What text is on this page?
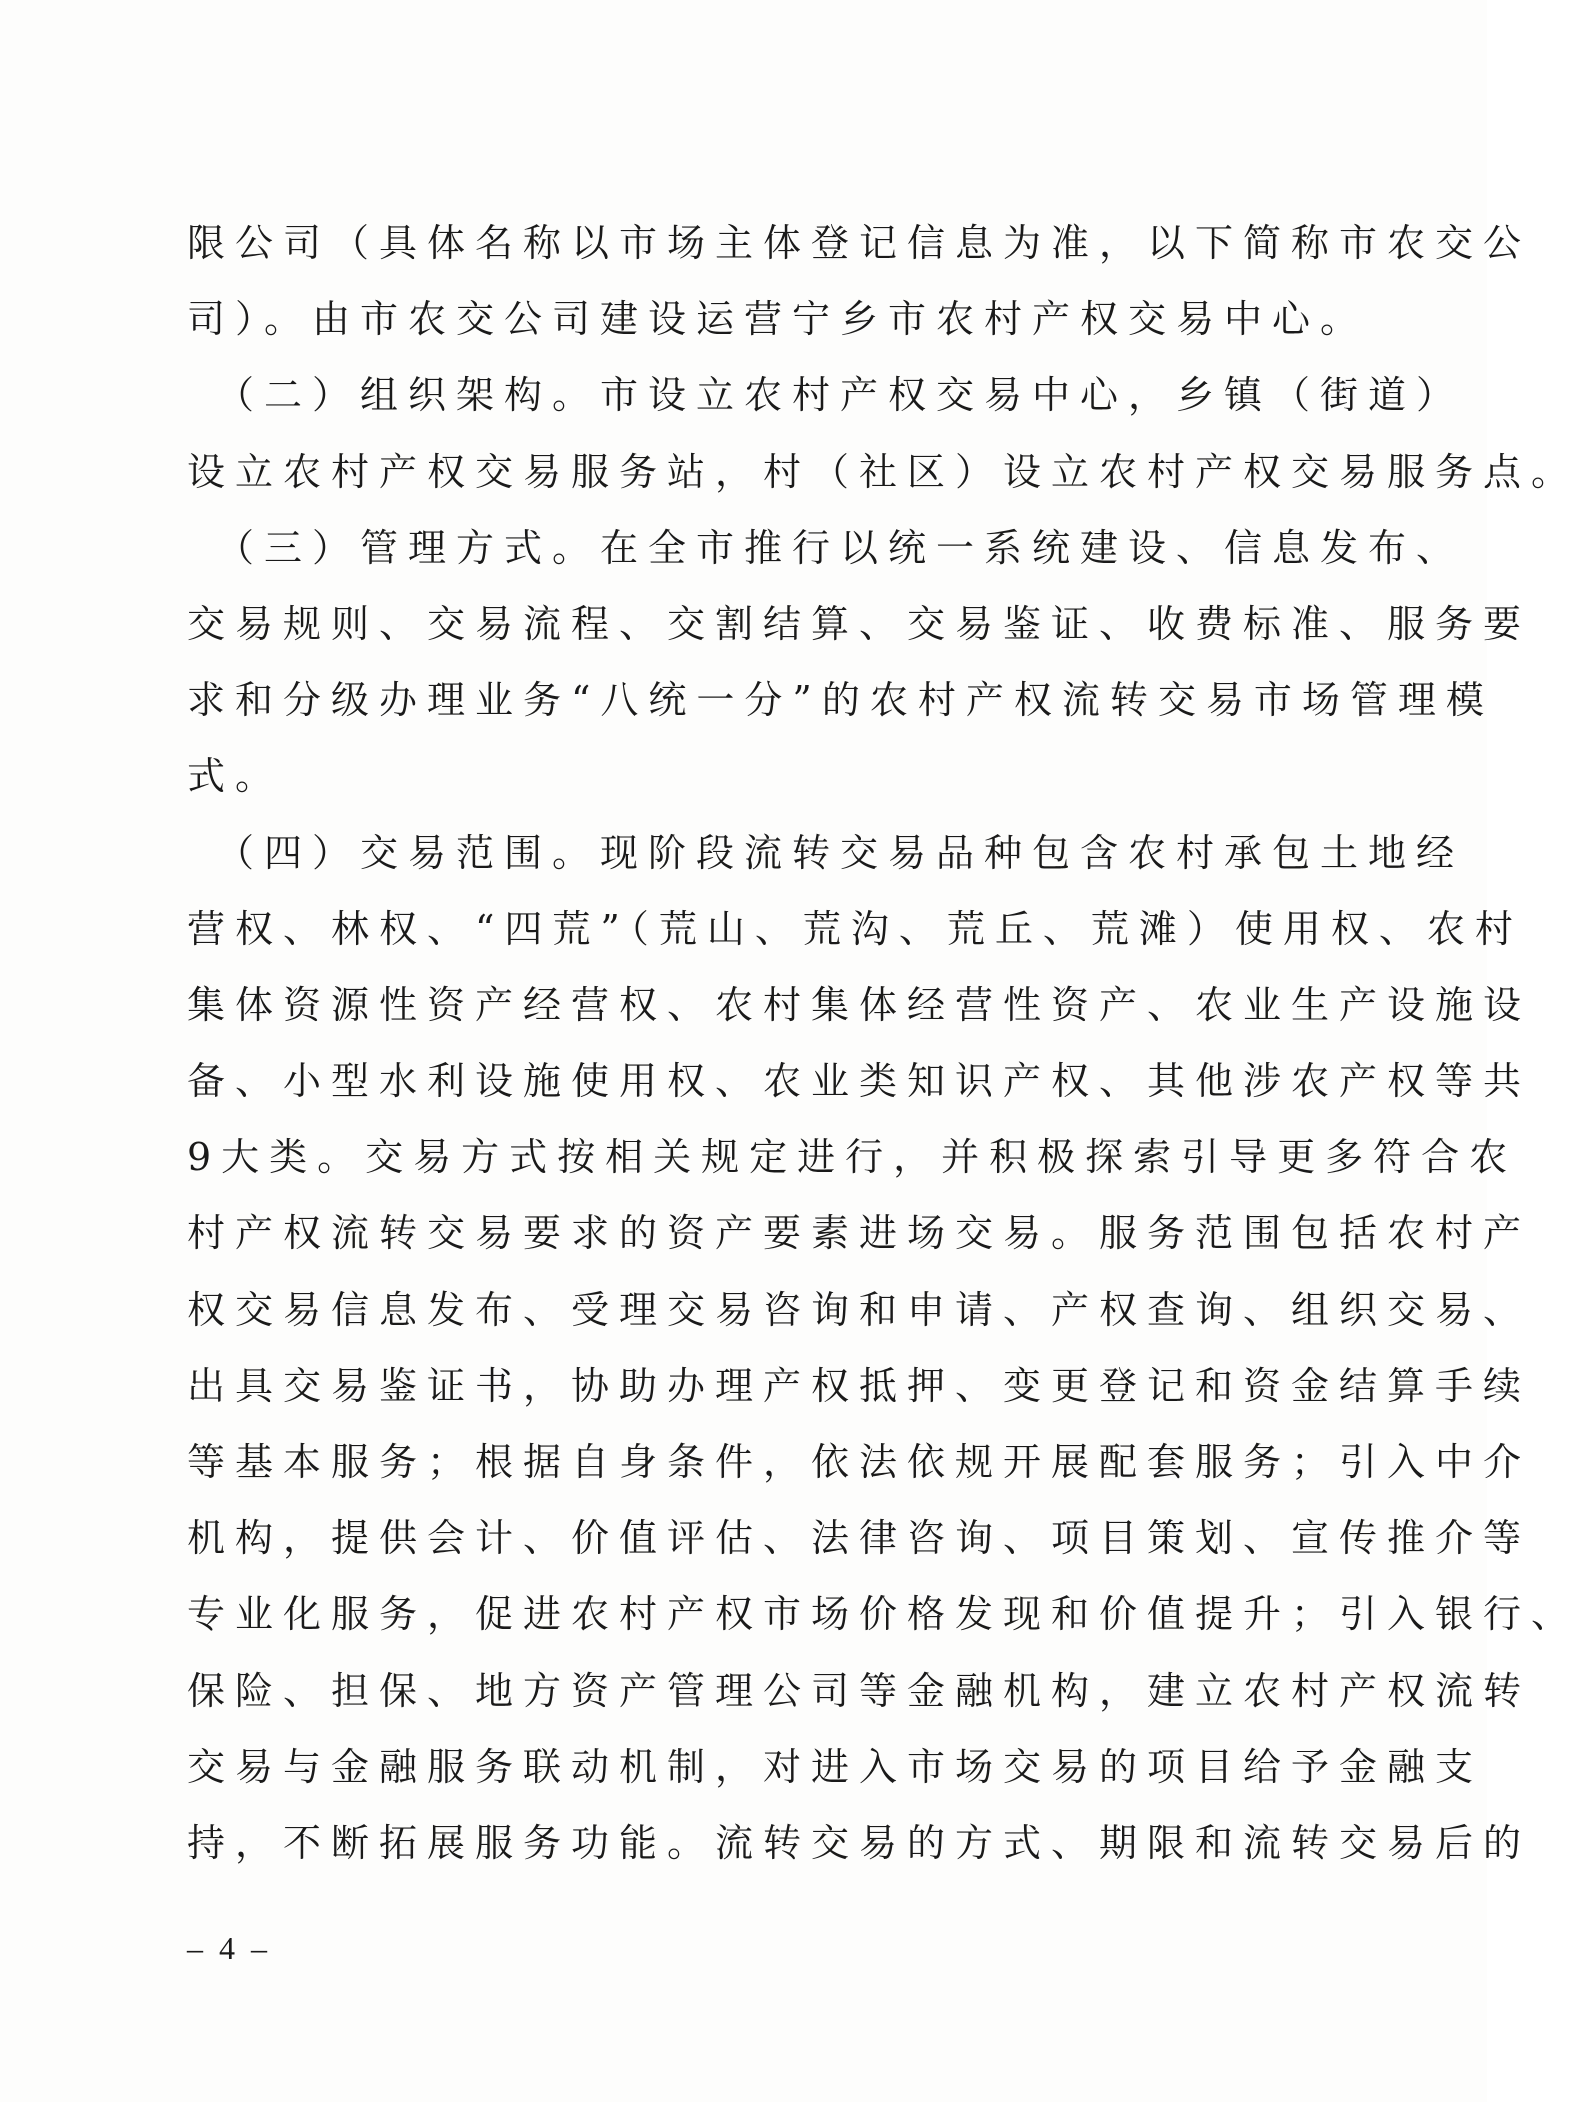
限公司（具体名称以市场主体登记信息为准，以下简称市农交公
司）。由市农交公司建设运营宁乡市农村产权交易中心。
　（二）组织架构。市设立农村产权交易中心，乡镇（街道）
设立农村产权交易服务站，村（社区）设立农村产权交易服务点。
　（三）管理方式。在全市推行以统一系统建设、信息发布、
交易规则、交易流程、交割结算、交易鉴证、收费标准、服务要
求和分级办理业务“八统一分”的农村产权流转交易市场管理模
式。
　（四）交易范围。现阶段流转交易品种包含农村承包土地经
营权、林权、“四荒”（荒山、荒沟、荒丘、荒滩）使用权、农村
集体资源性资产经营权、农村集体经营性资产、农业生产设施设
备、小型水利设施使用权、农业类知识产权、其他涉农产权等共
9大类。交易方式按相关规定进行，并积极探索引导更多符合农
村产权流转交易要求的资产要素进场交易。服务范围包括农村产
权交易信息发布、受理交易咨询和申请、产权查询、组织交易、
出具交易鉴证书，协助办理产权抵押、变更登记和资金结算手续
等基本服务；根据自身条件，依法依规开展配套服务；引入中介
机构，提供会计、价值评估、法律咨询、项目策划、宣传推介等
专业化服务，促进农村产权市场价格发现和价值提升；引入银行、
保险、担保、地方资产管理公司等金融机构，建立农村产权流转
交易与金融服务联动机制，对进入市场交易的项目给予金融支
持，不断拓展服务功能。流转交易的方式、期限和流转交易后的
– 4 –
